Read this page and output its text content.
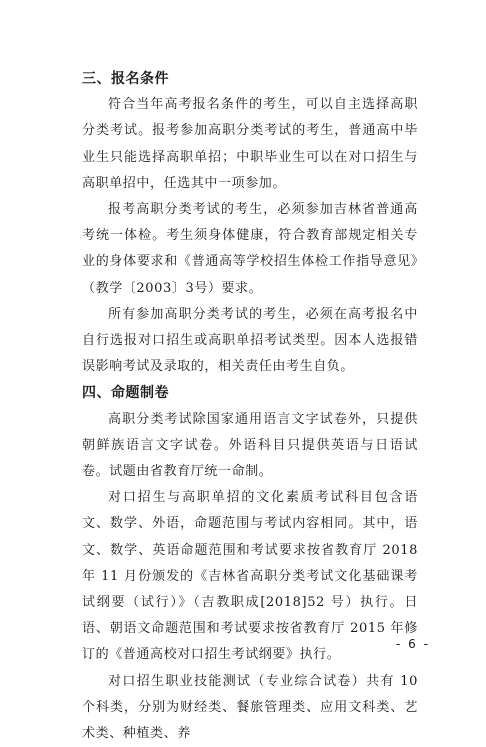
三、报名条件

符合当年高考报名条件的考生，可以自主选择高职分类考试。报考参加高职分类考试的考生，普通高中毕业生只能选择高职单招；中职毕业生可以在对口招生与高职单招中，任选其中一项参加。

报考高职分类考试的考生，必须参加吉林省普通高考统一体检。考生须身体健康，符合教育部规定相关专业的身体要求和《普通高等学校招生体检工作指导意见》（教学〔2003〕3号）要求。

所有参加高职分类考试的考生，必须在高考报名中自行选报对口招生或高职单招考试类型。因本人选报错误影响考试及录取的，相关责任由考生自负。

四、命题制卷

高职分类考试除国家通用语言文字试卷外，只提供朝鲜族语言文字试卷。外语科目只提供英语与日语试卷。试题由省教育厅统一命制。

对口招生与高职单招的文化素质考试科目包含语文、数学、外语，命题范围与考试内容相同。其中，语文、数学、英语命题范围和考试要求按省教育厅 2018 年 11 月份颁发的《吉林省高职分类考试文化基础课考试纲要（试行）》（吉教职成[2018]52 号）执行。日语、朝语文命题范围和考试要求按省教育厅 2015 年修订的《普通高校对口招生考试纲要》执行。

对口招生职业技能测试（专业综合试卷）共有 10 个科类，分别为财经类、餐旅管理类、应用文科类、艺术类、种植类、养

- 6 -
